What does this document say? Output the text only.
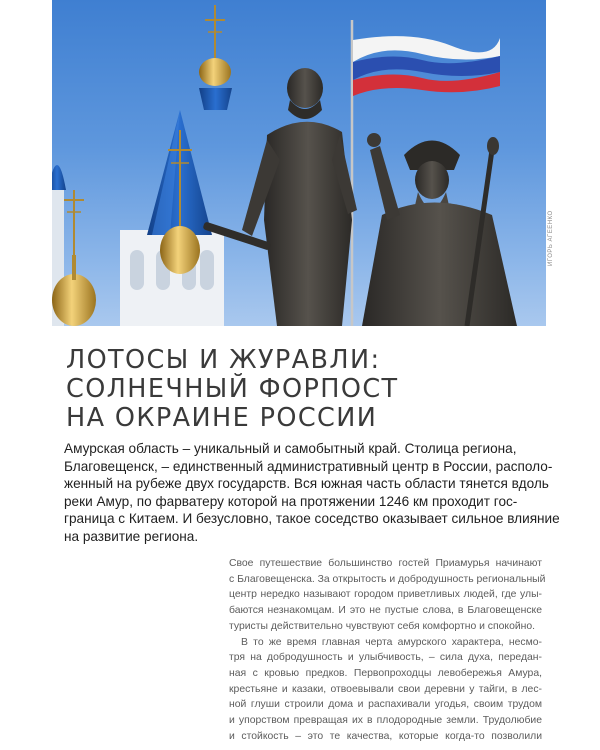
ИГОРЬ АГЕЕНКО
ЛОТОСЫ И ЖУРАВЛИ:
СОЛНЕЧНЫЙ ФОРПОСТ
НА ОКРАИНЕ РОССИИ

Амурская область – уникальный и самобытный край. Столица региона,
Благовещенск, – единственный административный центр в России, располо-
женный на рубеже двух государств. Вся южная часть области тянется вдоль
реки Амур, по фарватеру которой на протяжении 1246 км проходит гос-
граница с Китаем. И безусловно, такое соседство оказывает сильное влияние
на развитие региона.

Свое путешествие большинство гостей Приамурья начинают
с Благовещенска. За открытость и добродушность региональный
центр нередко называют городом приветливых людей, где улы-
баются незнакомцам. И это не пустые слова, в Благовещенске
туристы действительно чувствуют себя комфортно и спокойно.
В то же время главная черта амурского характера, несмо-
тря на добродушность и улыбчивость, – сила духа, передан-
ная с кровью предков. Первопроходцы левобережья Амура,
крестьяне и казаки, отвоевывали свои деревни у тайги, в лес-
ной глуши строили дома и распахивали угодья, своим трудом
и упорством превращая их в плодородные земли. Трудолюбие
и стойкость – это те качества, которые когда-то позволили
